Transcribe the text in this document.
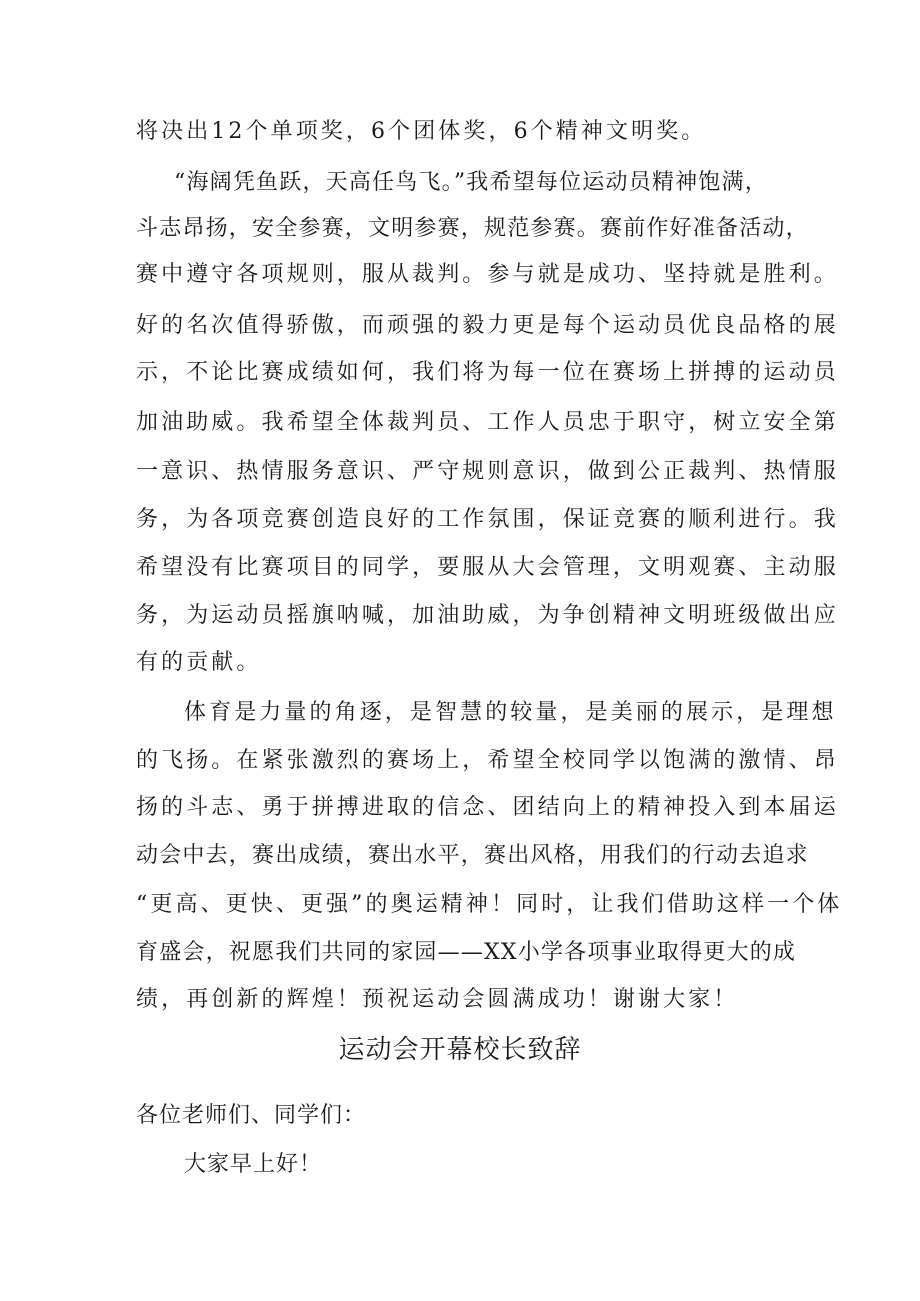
将决出12个单项奖，6个团体奖，6个精神文明奖。

“海阔凭鱼跃，天高任鸟飞。”我希望每位运动员精神饱满，

斗志昂扬，安全参赛，文明参赛，规范参赛。赛前作好准备活动，

赛中遵守各项规则，服从裁判。参与就是成功、坚持就是胜利。

好的名次值得骄傲，而顽强的毅力更是每个运动员优良品格的展

示，不论比赛成绩如何，我们将为每一位在赛场上拼搏的运动员

加油助威。我希望全体裁判员、工作人员忠于职守，树立安全第

一意识、热情服务意识、严守规则意识，做到公正裁判、热情服

务，为各项竞赛创造良好的工作氛围，保证竞赛的顺利进行。我

希望没有比赛项目的同学，要服从大会管理，文明观赛、主动服

务，为运动员摇旗呐喊，加油助威，为争创精神文明班级做出应

有的贡献。

体育是力量的角逐，是智慧的较量，是美丽的展示，是理想

的飞扬。在紧张激烈的赛场上，希望全校同学以饱满的激情、昂

扬的斗志、勇于拼搏进取的信念、团结向上的精神投入到本届运

动会中去，赛出成绩，赛出水平，赛出风格，用我们的行动去追求

“更高、更快、更强”的奥运精神！同时，让我们借助这样一个体

育盛会，祝愿我们共同的家园——XX小学各项事业取得更大的成

绩，再创新的辉煌！预祝运动会圆满成功！谢谢大家！

运动会开幕校长致辞

各位老师们、同学们：

大家早上好！
